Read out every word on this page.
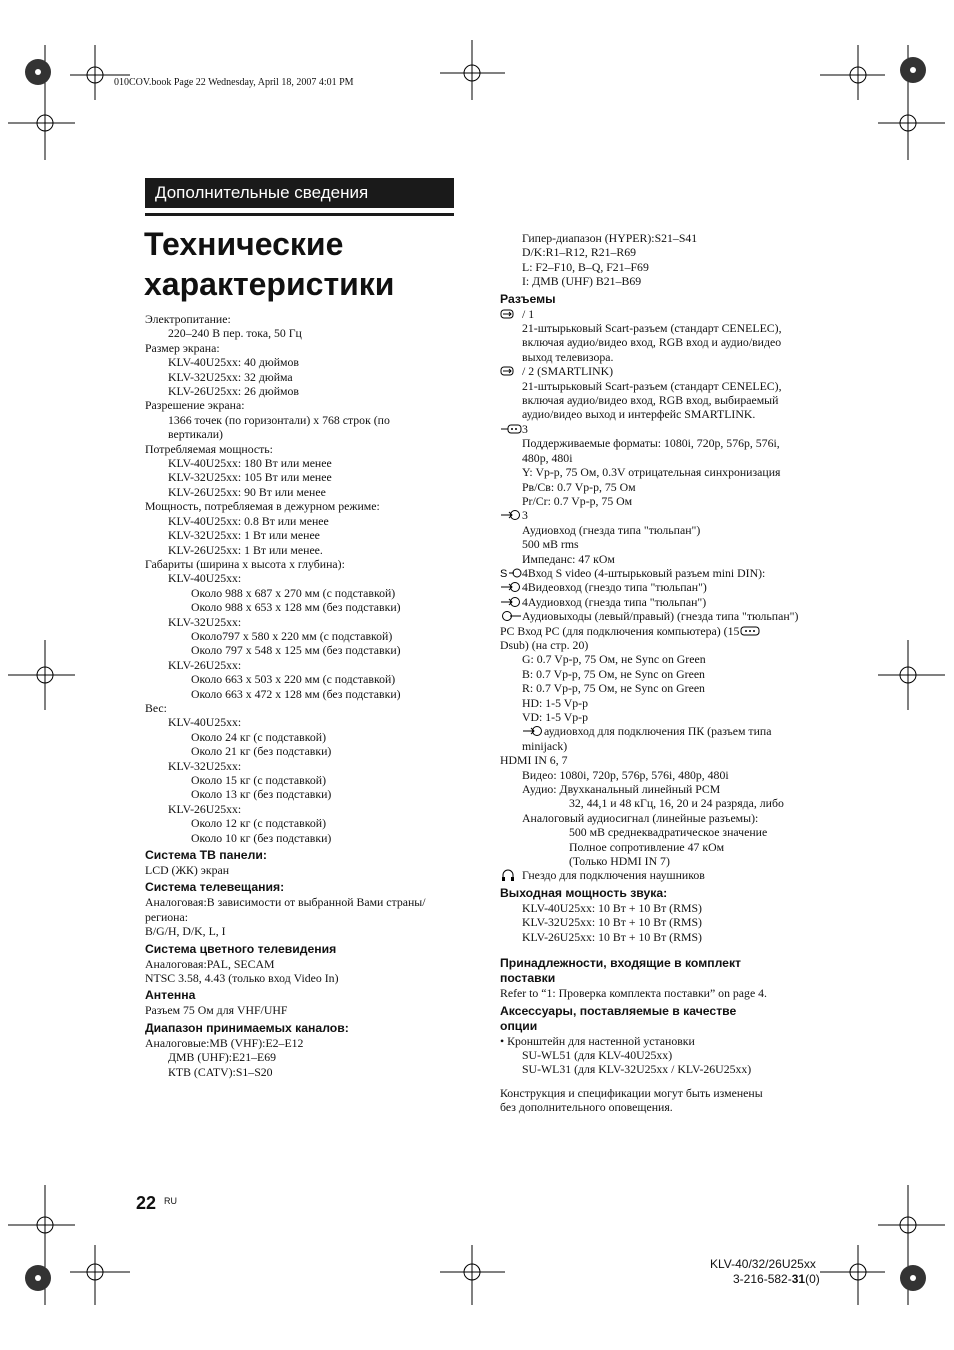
010COV.book Page 22 Wednesday, April 18, 2007 4:01 PM
Дополнительные сведения
Технические характеристики
Электропитание:
220–240 В пер. тока, 50 Гц
Размер экрана:
KLV-40U25xx: 40 дюймов
KLV-32U25xx: 32 дюйма
KLV-26U25xx: 26 дюймов
Разрешение экрана:
1366 точек (по горизонтали) x 768 строк (по
вертикали)
Потребляемая мощность:
KLV-40U25xx: 180 Вт или менее
KLV-32U25xx: 105 Вт или менее
KLV-26U25xx: 90 Вт или менее
Мощность, потребляемая в дежурном режиме:
KLV-40U25xx: 0.8 Вт или менее
KLV-32U25xx: 1 Вт или менее
KLV-26U25xx: 1 Вт или менее.
Габариты (ширина x высота x глубина):
KLV-40U25xx:
Около 988 x 687 x 270 мм (с подставкой)
Около 988 x 653 x 128 мм (без подставки)
KLV-32U25xx:
Около797 x 580 x 220 мм (с подставкой)
Около 797 x 548 x 125 мм (без подставки)
KLV-26U25xx:
Около 663 x 503 x 220 мм (с подставкой)
Около 663 x 472 x 128 мм (без подставки)
Вес:
KLV-40U25xx:
Около 24 кг (с подставкой)
Около 21 кг (без подставки)
KLV-32U25xx:
Около 15 кг (с подставкой)
Около 13 кг (без подставки)
KLV-26U25xx:
Около 12 кг (с подставкой)
Около 10 кг (без подставки)
Система ТВ панели:
LCD (ЖК) экран
Система телевещания:
Аналоговая:В зависимости от выбранной Вами страны/
региона:
B/G/H, D/K, L, I
Система цветного телевидения
Аналоговая:PAL, SECAM
NTSC 3.58, 4.43 (только вход Video In)
Антенна
Разъем 75 Ом для VHF/UHF
Диапазон принимаемых каналов:
Аналоговые:МВ (VHF):E2–E12
ДМВ (UHF):E21–E69
КТВ (CATV):S1–S20
Гипер-диапазон (HYPER):S21–S41
D/K:R1–R12, R21–R69
L: F2–F10, B–Q, F21–F69
I: ДМВ (UHF) B21–B69
Разъемы
/ 1
21-штырьковый Scart-разъем (стандарт CENELEC),
включая аудио/видео вход, RGB вход и аудио/видео
выход телевизора.
/ 2 (SMARTLINK)
21-штырьковый Scart-разъем (стандарт CENELEC),
включая аудио/видео вход, RGB вход, выбираемый
аудио/видео выход и интерфейс SMARTLINK.
3
Поддерживаемые форматы: 1080i, 720p, 576p, 576i,
480p, 480i
Y: Vp-p, 75 Ом, 0.3V отрицательная синхронизация
Pв/Cв: 0.7 Vp-p, 75 Ом
Pr/Cr: 0.7 Vp-p, 75 Ом
3
Аудиовход (гнезда типа "тюльпан")
500 мВ rms
Импеданс: 47 кОм
S 4Вход S video (4-штырьковый разъем mini DIN):
4Видеовход (гнездо типа "тюльпан")
4Аудиовход (гнезда типа "тюльпан")
Аудиовыходы (левый/правый) (гнезда типа "тюльпан")
PC Вход PC (для подключения компьютера) (15
Dsub) (на стр. 20)
G: 0.7 Vp-p, 75 Ом, не Sync on Green
B: 0.7 Vp-p, 75 Ом, не Sync on Green
R: 0.7 Vp-p, 75 Ом, не Sync on Green
HD: 1-5 Vp-p
VD: 1-5 Vp-p
аудиовход для подключения ПК (разъем типа
minijack)
HDMI IN 6, 7
Видео: 1080i, 720p, 576p, 576i, 480p, 480i
Аудио: Двухканальный линейный PCM
32, 44,1 и 48 кГц, 16, 20 и 24 разряда, либо
Аналоговый аудиосигнал (линейные разъемы):
500 мВ среднеквадратическое значение
Полное сопротивление 47 кОм
(Только HDMI IN 7)
Гнездо для подключения наушников
Выходная мощность звука:
KLV-40U25xx: 10 Вт + 10 Вт (RMS)
KLV-32U25xx: 10 Вт + 10 Вт (RMS)
KLV-26U25xx: 10 Вт + 10 Вт (RMS)
Принадлежности, входящие в комплект
поставки
Refer to “1: Проверка комплекта поставки” on page 4.
Аксессуары, поставляемые в качестве
опции
• Кронштейн для настенной установки
SU-WL51 (для KLV-40U25xx)
SU-WL31 (для KLV-32U25xx / KLV-26U25xx)
Конструкция и спецификации могут быть изменены
без дополнительного оповещения.
22 RU
KLV-40/32/26U25xx
3-216-582-31(0)
